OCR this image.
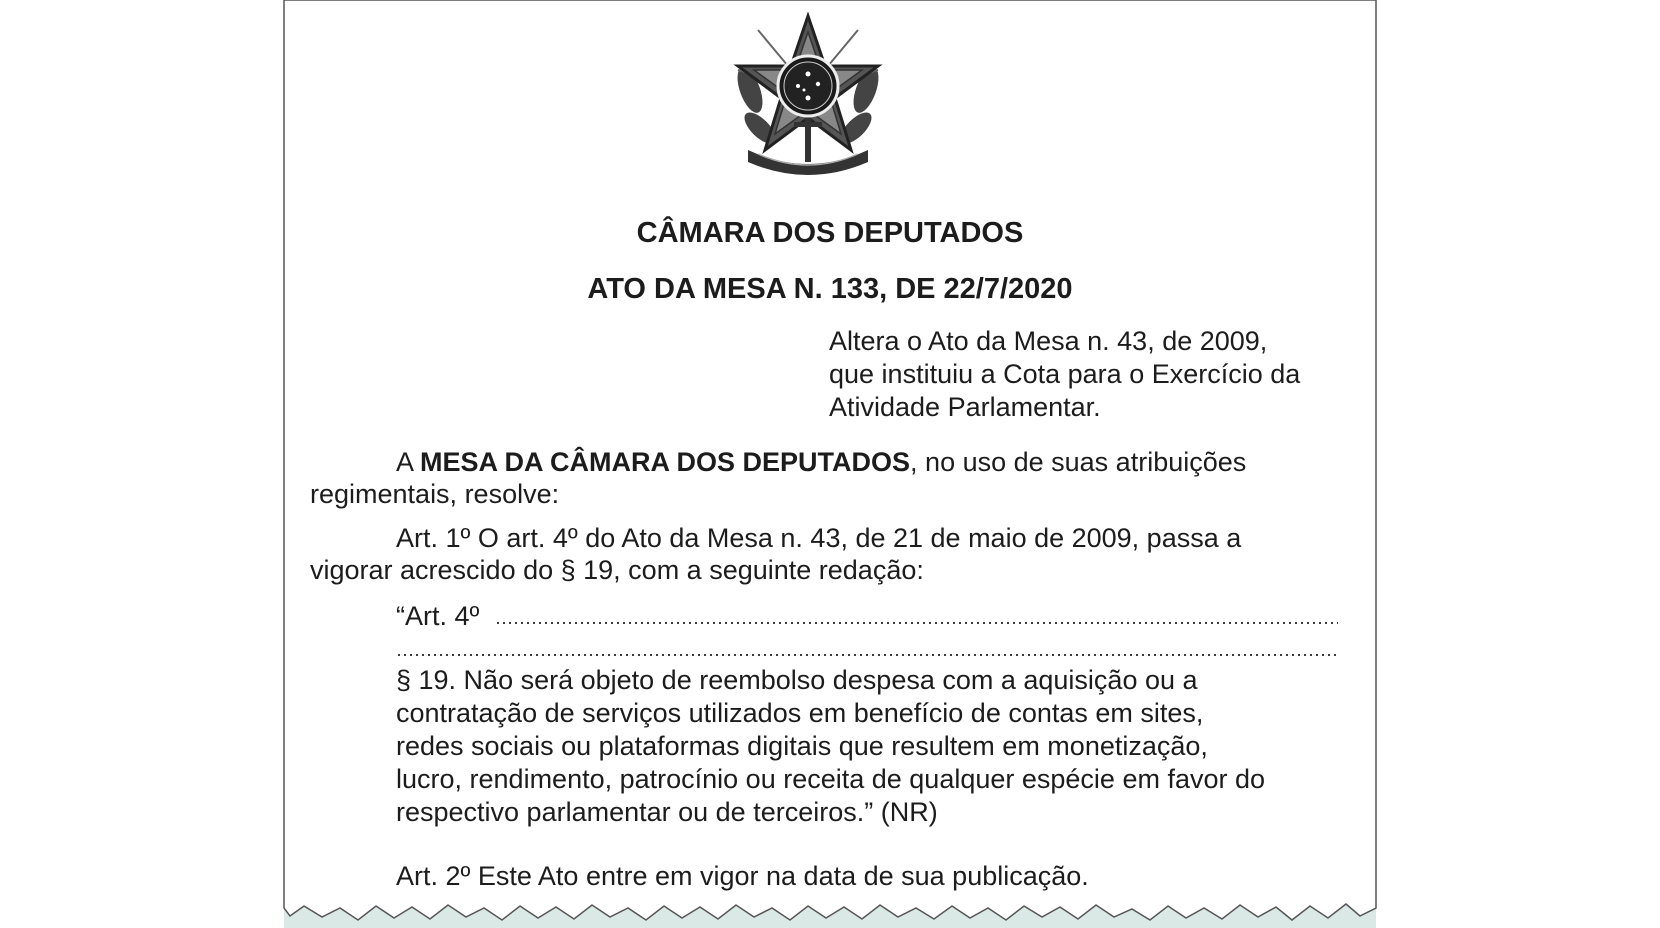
CÂMARA DOS DEPUTADOS
ATO DA MESA N. 133, DE 22/7/2020
Altera o Ato da Mesa n. 43, de 2009,
que instituiu a Cota para o Exercício da
Atividade Parlamentar.
A MESA DA CÂMARA DOS DEPUTADOS, no uso de suas atribuições
regimentais, resolve:
Art. 1º O art. 4º do Ato da Mesa n. 43, de 21 de maio de 2009, passa a
vigorar acrescido do § 19, com a seguinte redação:
“Art. 4º
§ 19. Não será objeto de reembolso despesa com a aquisição ou a
contratação de serviços utilizados em benefício de contas em sites,
redes sociais ou plataformas digitais que resultem em monetização,
lucro, rendimento, patrocínio ou receita de qualquer espécie em favor do
respectivo parlamentar ou de terceiros.” (NR)
Art. 2º Este Ato entre em vigor na data de sua publicação.
